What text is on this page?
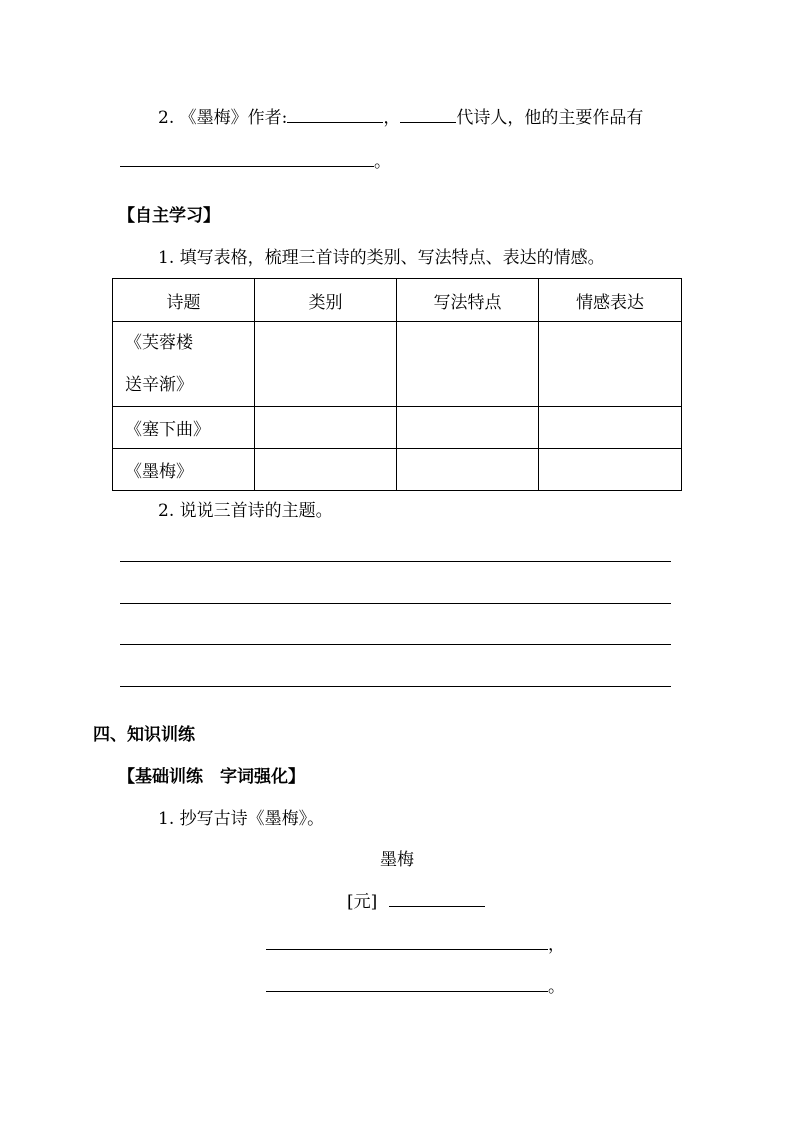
2. 《墨梅》作者:	，	代诗人，他的主要作品有
。
【自主学习】
1. 填写表格，梳理三首诗的类别、写法特点、表达的情感。
诗题	类别	写法特点	情感表达

《芙蓉楼
送辛渐》			

《塞下曲》			
《墨梅》			
2. 说说三首诗的主题。
四、知识训练
【基础训练　字词强化】
1. 抄写古诗《墨梅》。
墨梅
[元]
，
。
